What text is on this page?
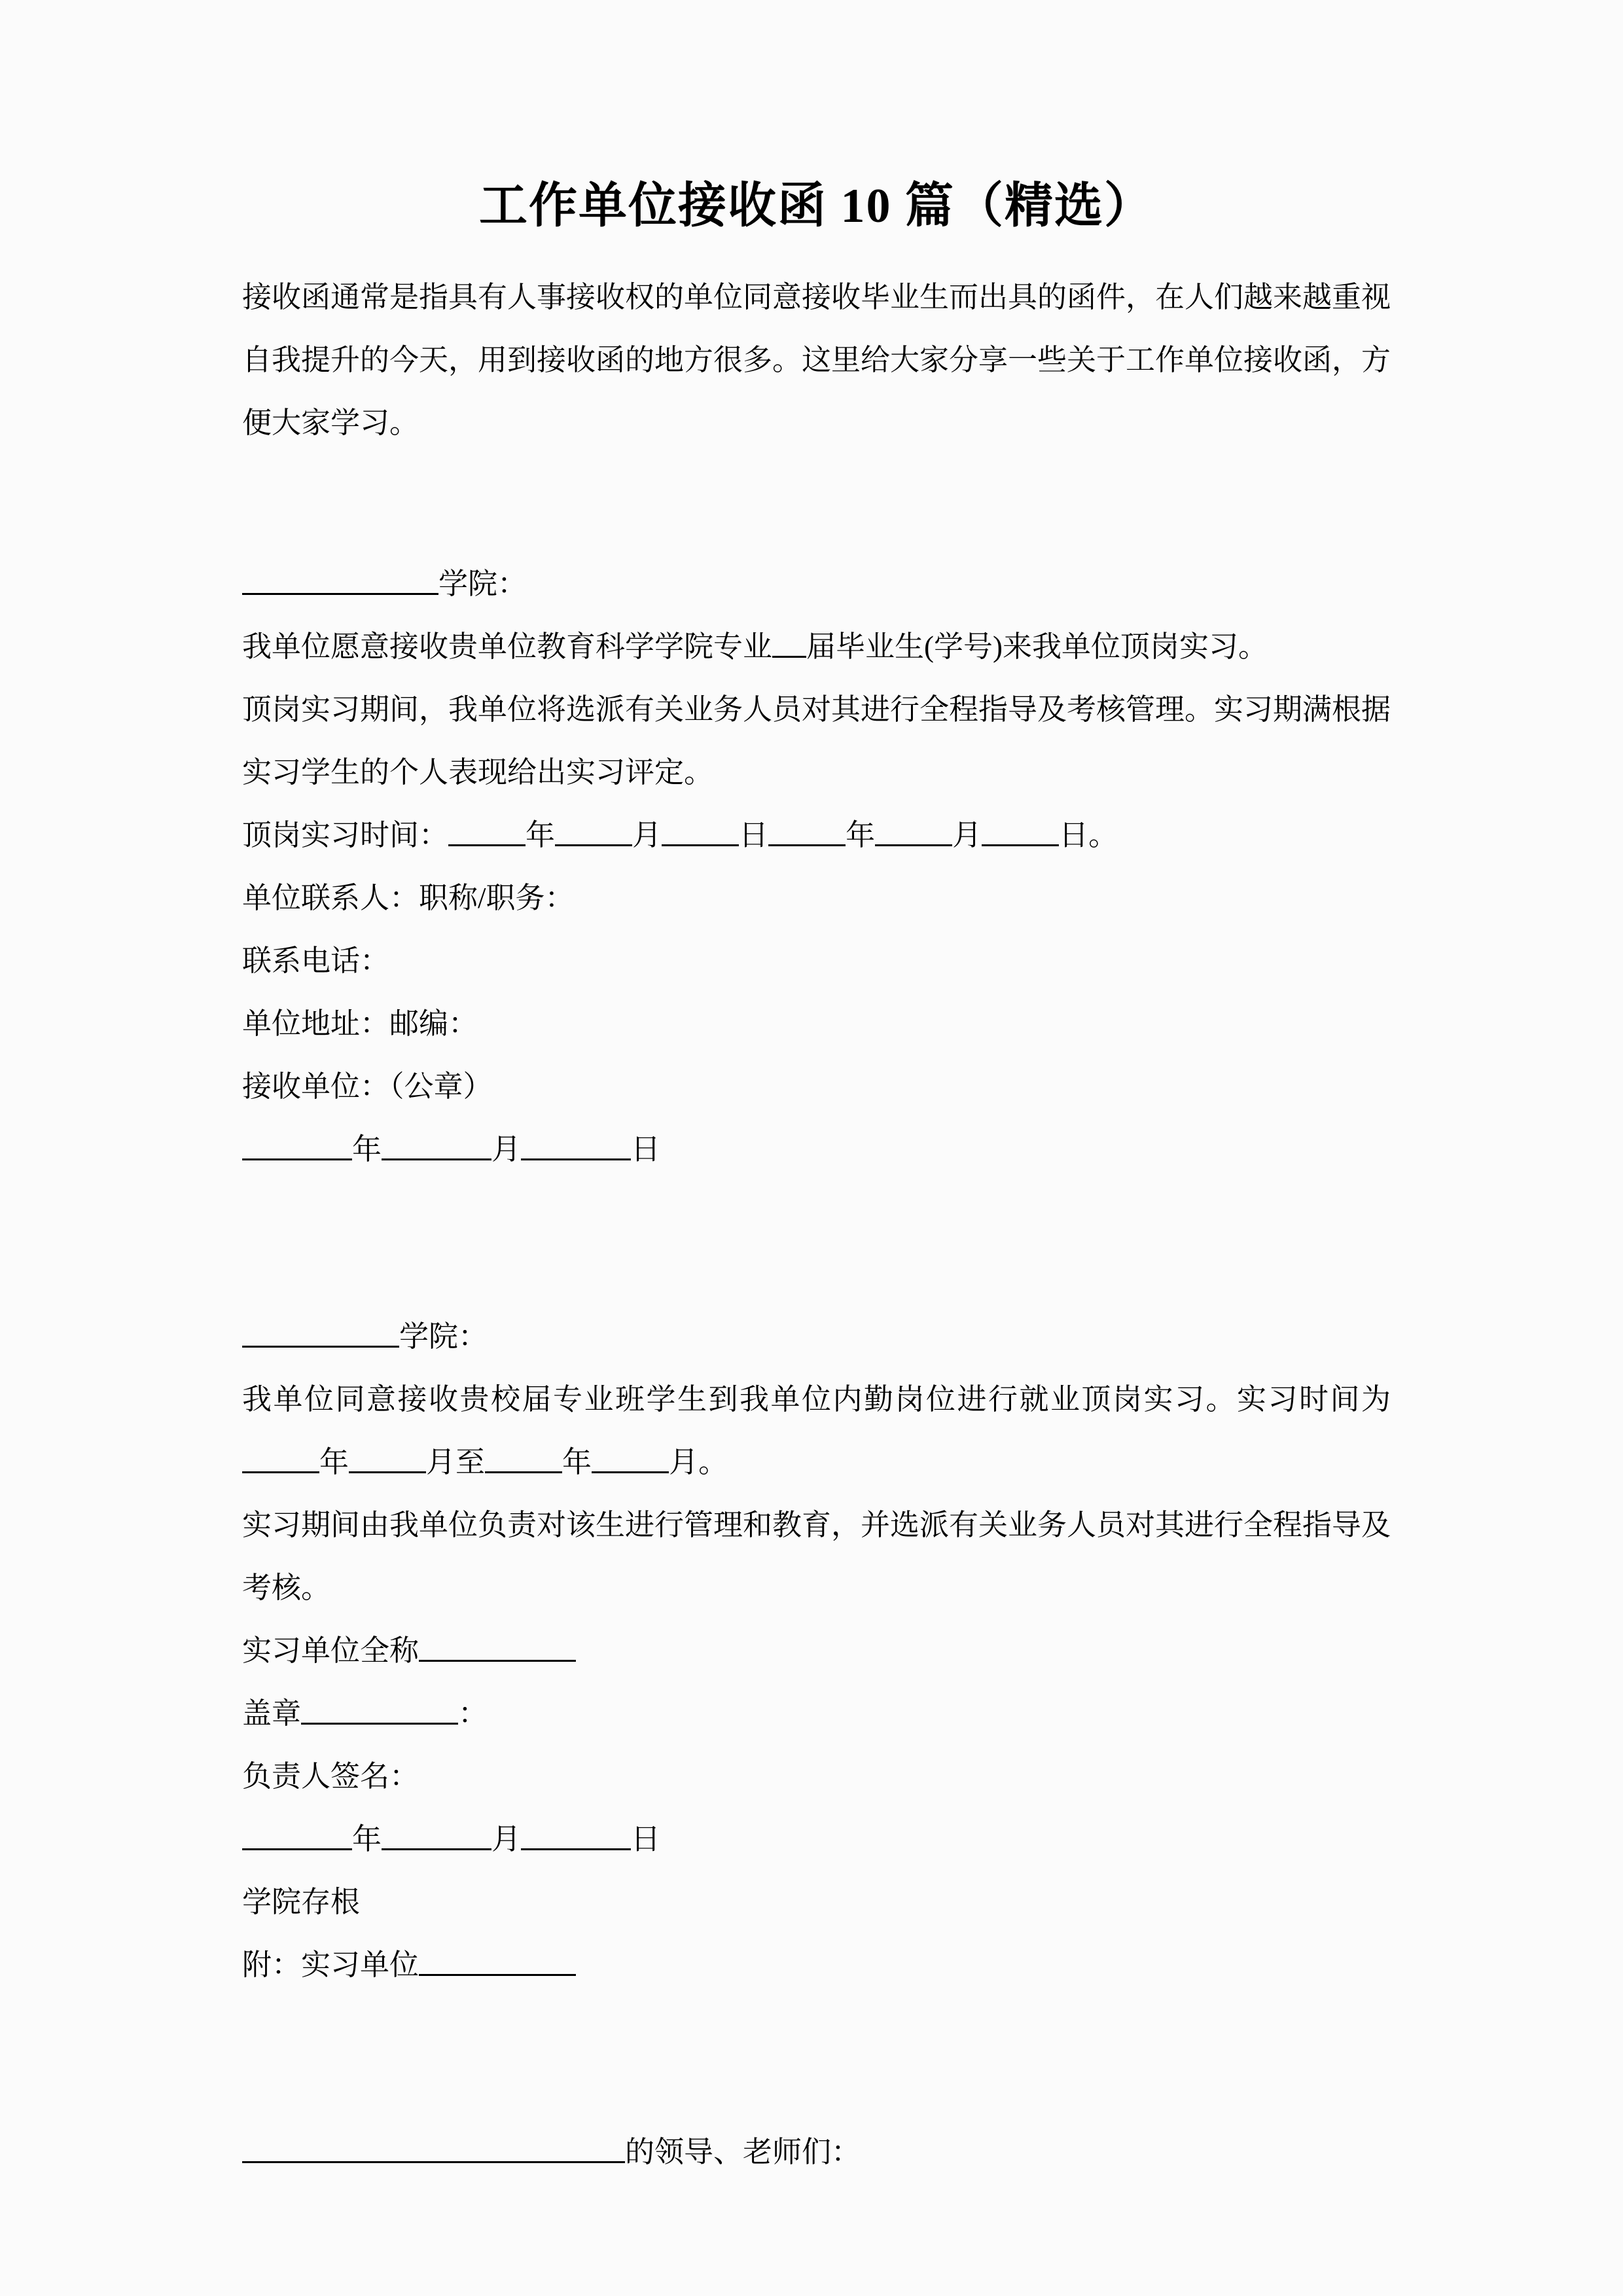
工作单位接收函 10 篇（精选）

接收函通常是指具有人事接收权的单位同意接收毕业生而出具的函件，在人们越来越重视自我提升的今天，用到接收函的地方很多。这里给大家分享一些关于工作单位接收函，方便大家学习。

学院：

我单位愿意接收贵单位教育科学学院专业 届毕业生(学号)来我单位顶岗实习。

顶岗实习期间，我单位将选派有关业务人员对其进行全程指导及考核管理。实习期满根据实习学生的个人表现给出实习评定。

顶岗实习时间：	年	月	日	年	月	日。

单位联系人：职称/职务：

联系电话：

单位地址：邮编：

接收单位：（公章）

年	月	日

学院：

我单位同意接收贵校届专业班学生到我单位内勤岗位进行就业顶岗实习。实习时间为年	月至	年	月。

实习期间由我单位负责对该生进行管理和教育，并选派有关业务人员对其进行全程指导及考核。

实习单位全称

盖章	：

负责人签名：

年	月	日

学院存根

附：实习单位

的领导、老师们：
